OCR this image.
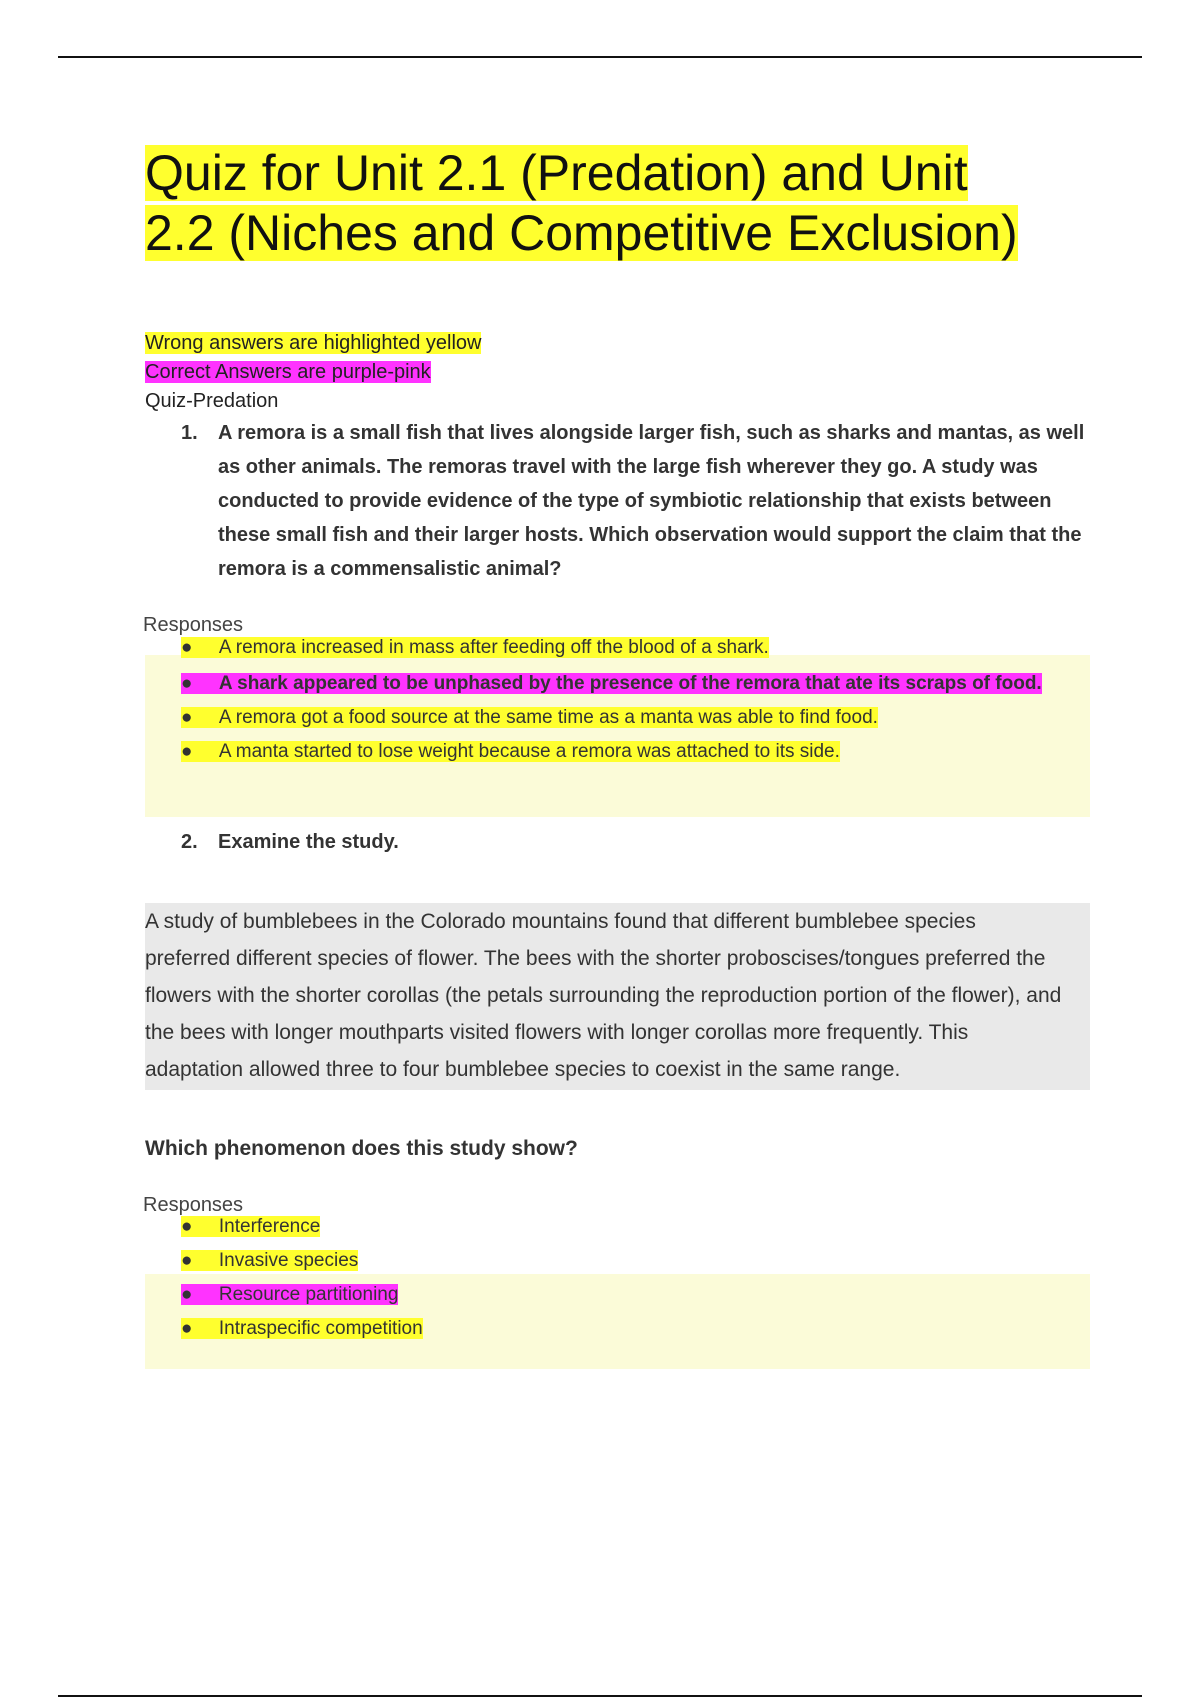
Quiz for Unit 2.1 (Predation) and Unit
2.2 (Niches and Competitive Exclusion)

Wrong answers are highlighted yellow

Correct Answers are purple-pink

Quiz-Predation

1.	A remora is a small fish that lives alongside larger fish, such as sharks and mantas, as well as other animals. The remoras travel with the large fish wherever they go. A study was conducted to provide evidence of the type of symbiotic relationship that exists between these small fish and their larger hosts. Which observation would support the claim that the remora is a commensalistic animal?
Responses
●     A remora increased in mass after feeding off the blood of a shark.
●     A shark appeared to be unphased by the presence of the remora that ate its scraps of food.
●     A remora got a food source at the same time as a manta was able to find food.
●     A manta started to lose weight because a remora was attached to its side.
2.	Examine the study.
A study of bumblebees in the Colorado mountains found that different bumblebee species preferred different species of flower. The bees with the shorter proboscises/tongues preferred the flowers with the shorter corollas (the petals surrounding the reproduction portion of the flower), and the bees with longer mouthparts visited flowers with longer corollas more frequently. This adaptation allowed three to four bumblebee species to coexist in the same range.
Which phenomenon does this study show?
Responses
●     Interference
●     Invasive species
●     Resource partitioning
●     Intraspecific competition
